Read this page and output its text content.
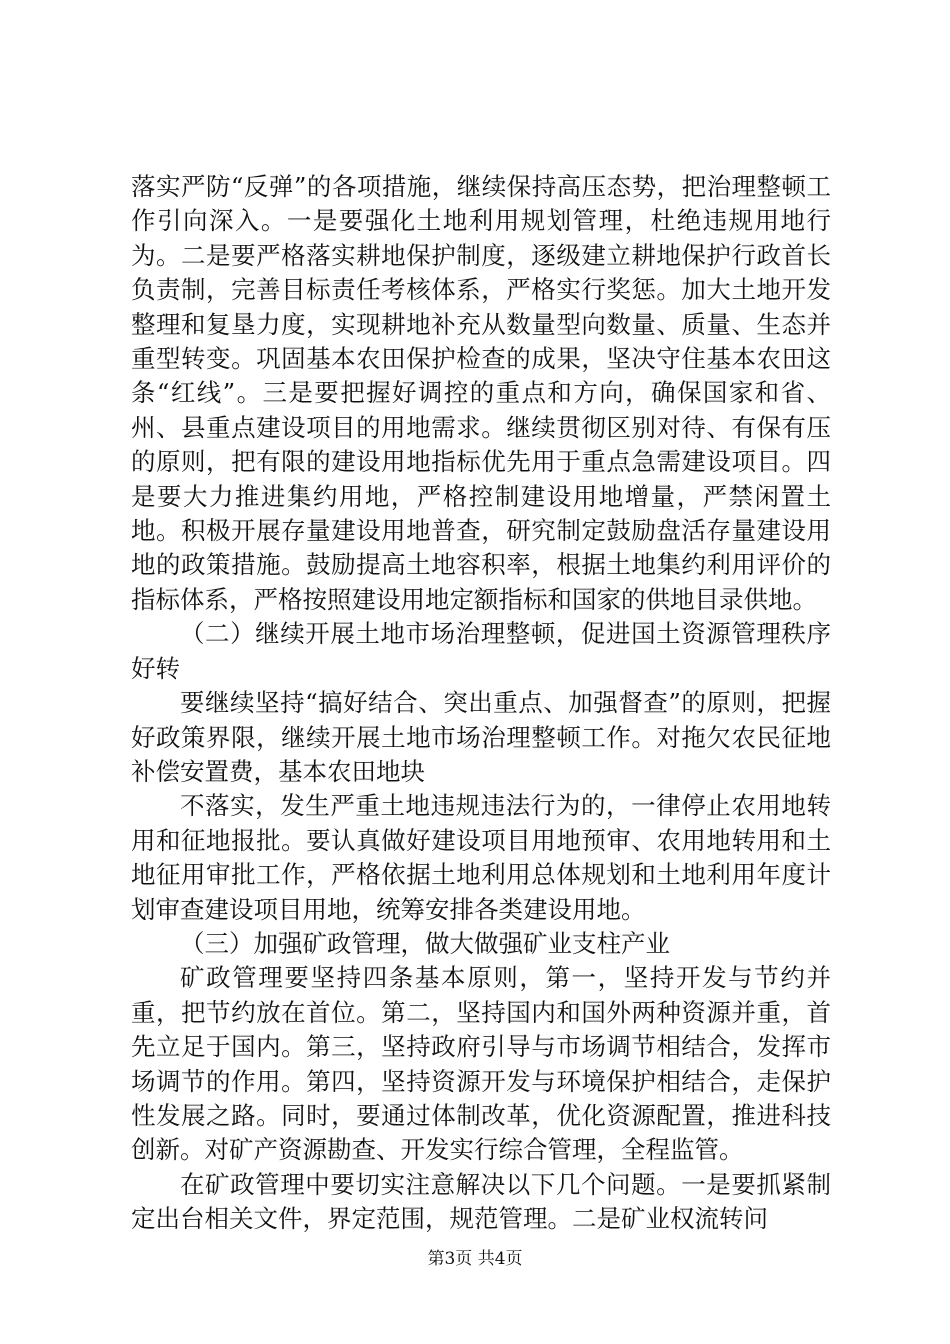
落实严防“反弹”的各项措施，继续保持高压态势，把治理整顿工作引向深入。一是要强化土地利用规划管理，杜绝违规用地行为。二是要严格落实耕地保护制度，逐级建立耕地保护行政首长负责制，完善目标责任考核体系，严格实行奖惩。加大土地开发整理和复垦力度，实现耕地补充从数量型向数量、质量、生态并重型转变。巩固基本农田保护检查的成果，坚决守住基本农田这条“红线”。三是要把握好调控的重点和方向，确保国家和省、州、县重点建设项目的用地需求。继续贯彻区别对待、有保有压的原则，把有限的建设用地指标优先用于重点急需建设项目。四是要大力推进集约用地，严格控制建设用地增量，严禁闲置土地。积极开展存量建设用地普查，研究制定鼓励盘活存量建设用地的政策措施。鼓励提高土地容积率，根据土地集约利用评价的指标体系，严格按照建设用地定额指标和国家的供地目录供地。

（二）继续开展土地市场治理整顿，促进国土资源管理秩序好转

要继续坚持“搞好结合、突出重点、加强督查”的原则，把握好政策界限，继续开展土地市场治理整顿工作。对拖欠农民征地补偿安置费，基本农田地块

不落实，发生严重土地违规违法行为的，一律停止农用地转用和征地报批。要认真做好建设项目用地预审、农用地转用和土地征用审批工作，严格依据土地利用总体规划和土地利用年度计划审查建设项目用地，统筹安排各类建设用地。

（三）加强矿政管理，做大做强矿业支柱产业

矿政管理要坚持四条基本原则，第一，坚持开发与节约并重，把节约放在首位。第二，坚持国内和国外两种资源并重，首先立足于国内。第三，坚持政府引导与市场调节相结合，发挥市场调节的作用。第四，坚持资源开发与环境保护相结合，走保护性发展之路。同时，要通过体制改革，优化资源配置，推进科技创新。对矿产资源勘查、开发实行综合管理，全程监管。

在矿政管理中要切实注意解决以下几个问题。一是要抓紧制定出台相关文件，界定范围，规范管理。二是矿业权流转问

第3页 共4页
